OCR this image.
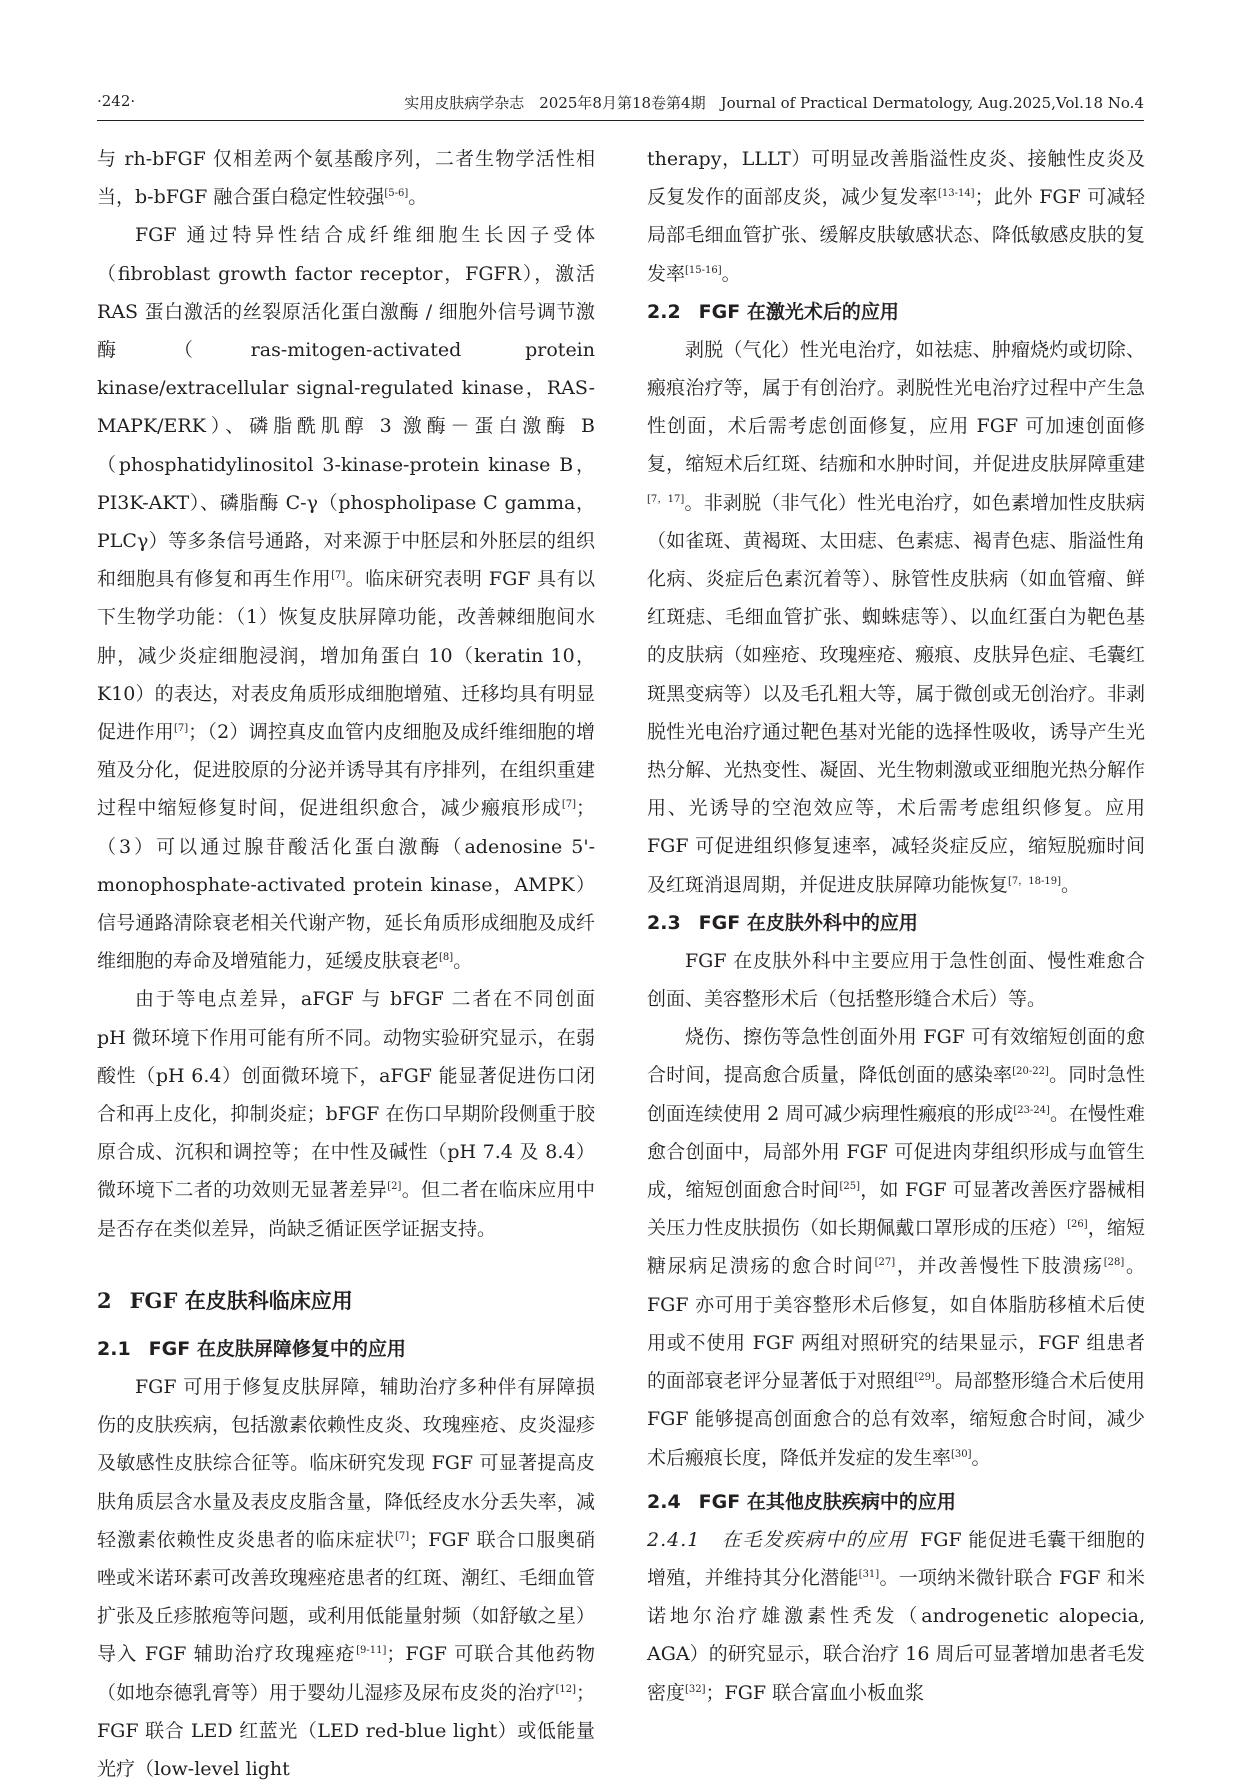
·242·	实用皮肤病学杂志　2025年8月第18卷第4期　Journal of Practical Dermatology, Aug.2025,Vol.18 No.4

与 rh-bFGF 仅相差两个氨基酸序列，二者生物学活性相当，b-bFGF 融合蛋白稳定性较强[5-6]。

FGF 通过特异性结合成纤维细胞生长因子受体（fibroblast growth factor receptor，FGFR），激活 RAS 蛋白激活的丝裂原活化蛋白激酶 / 细胞外信号调节激酶（ras-mitogen-activated protein kinase/extracellular signal-regulated kinase，RAS-MAPK/ERK）、磷脂酰肌醇 3 激酶－蛋白激酶 B（phosphatidylinositol 3-kinase-protein kinase B，PI3K-AKT）、磷脂酶 C-γ（phospholipase C gamma，PLCγ）等多条信号通路，对来源于中胚层和外胚层的组织和细胞具有修复和再生作用[7]。临床研究表明 FGF 具有以下生物学功能：（1）恢复皮肤屏障功能，改善棘细胞间水肿，减少炎症细胞浸润，增加角蛋白 10（keratin 10，K10）的表达，对表皮角质形成细胞增殖、迁移均具有明显促进作用[7]；（2）调控真皮血管内皮细胞及成纤维细胞的增殖及分化，促进胶原的分泌并诱导其有序排列，在组织重建过程中缩短修复时间，促进组织愈合，减少瘢痕形成[7]；（3）可以通过腺苷酸活化蛋白激酶（adenosine 5'- monophosphate-activated protein kinase，AMPK）信号通路清除衰老相关代谢产物，延长角质形成细胞及成纤维细胞的寿命及增殖能力，延缓皮肤衰老[8]。

由于等电点差异，aFGF 与 bFGF 二者在不同创面 pH 微环境下作用可能有所不同。动物实验研究显示，在弱酸性（pH 6.4）创面微环境下，aFGF 能显著促进伤口闭合和再上皮化，抑制炎症；bFGF 在伤口早期阶段侧重于胶原合成、沉积和调控等；在中性及碱性（pH 7.4 及 8.4）微环境下二者的功效则无显著差异[2]。但二者在临床应用中是否存在类似差异，尚缺乏循证医学证据支持。

2 FGF 在皮肤科临床应用
2.1 FGF 在皮肤屏障修复中的应用

FGF 可用于修复皮肤屏障，辅助治疗多种伴有屏障损伤的皮肤疾病，包括激素依赖性皮炎、玫瑰痤疮、皮炎湿疹及敏感性皮肤综合征等。临床研究发现 FGF 可显著提高皮肤角质层含水量及表皮皮脂含量，降低经皮水分丢失率，减轻激素依赖性皮炎患者的临床症状[7]；FGF 联合口服奥硝唑或米诺环素可改善玫瑰痤疮患者的红斑、潮红、毛细血管扩张及丘疹脓疱等问题，或利用低能量射频（如舒敏之星）导入 FGF 辅助治疗玫瑰痤疮[9-11]；FGF 可联合其他药物（如地奈德乳膏等）用于婴幼儿湿疹及尿布皮炎的治疗[12]；FGF 联合 LED 红蓝光（LED red-blue light）或低能量光疗（low-level light

therapy，LLLT）可明显改善脂溢性皮炎、接触性皮炎及反复发作的面部皮炎，减少复发率[13-14]；此外 FGF 可减轻局部毛细血管扩张、缓解皮肤敏感状态、降低敏感皮肤的复发率[15-16]。

2.2 FGF 在激光术后的应用

剥脱（气化）性光电治疗，如祛痣、肿瘤烧灼或切除、瘢痕治疗等，属于有创治疗。剥脱性光电治疗过程中产生急性创面，术后需考虑创面修复，应用 FGF 可加速创面修复，缩短术后红斑、结痂和水肿时间，并促进皮肤屏障重建[7，17]。非剥脱（非气化）性光电治疗，如色素增加性皮肤病（如雀斑、黄褐斑、太田痣、色素痣、褐青色痣、脂溢性角化病、炎症后色素沉着等）、脉管性皮肤病（如血管瘤、鲜红斑痣、毛细血管扩张、蜘蛛痣等）、以血红蛋白为靶色基的皮肤病（如痤疮、玫瑰痤疮、瘢痕、皮肤异色症、毛囊红斑黑变病等）以及毛孔粗大等，属于微创或无创治疗。非剥脱性光电治疗通过靶色基对光能的选择性吸收，诱导产生光热分解、光热变性、凝固、光生物刺激或亚细胞光热分解作用、光诱导的空泡效应等，术后需考虑组织修复。应用 FGF 可促进组织修复速率，减轻炎症反应，缩短脱痂时间及红斑消退周期，并促进皮肤屏障功能恢复[7，18-19]。

2.3 FGF 在皮肤外科中的应用

FGF 在皮肤外科中主要应用于急性创面、慢性难愈合创面、美容整形术后（包括整形缝合术后）等。

烧伤、擦伤等急性创面外用 FGF 可有效缩短创面的愈合时间，提高愈合质量，降低创面的感染率[20-22]。同时急性创面连续使用 2 周可减少病理性瘢痕的形成[23-24]。在慢性难愈合创面中，局部外用 FGF 可促进肉芽组织形成与血管生成，缩短创面愈合时间[25]，如 FGF 可显著改善医疗器械相关压力性皮肤损伤（如长期佩戴口罩形成的压疮）[26]，缩短糖尿病足溃疡的愈合时间[27]，并改善慢性下肢溃疡[28]。FGF 亦可用于美容整形术后修复，如自体脂肪移植术后使用或不使用 FGF 两组对照研究的结果显示，FGF 组患者的面部衰老评分显著低于对照组[29]。局部整形缝合术后使用 FGF 能够提高创面愈合的总有效率，缩短愈合时间，减少术后瘢痕长度，降低并发症的发生率[30]。

2.4 FGF 在其他皮肤疾病中的应用

2.4.1　在毛发疾病中的应用 FGF 能促进毛囊干细胞的增殖，并维持其分化潜能[31]。一项纳米微针联合 FGF 和米诺地尔治疗雄激素性秃发（androgenetic alopecia, AGA）的研究显示，联合治疗 16 周后可显著增加患者毛发密度[32]；FGF 联合富血小板血浆
